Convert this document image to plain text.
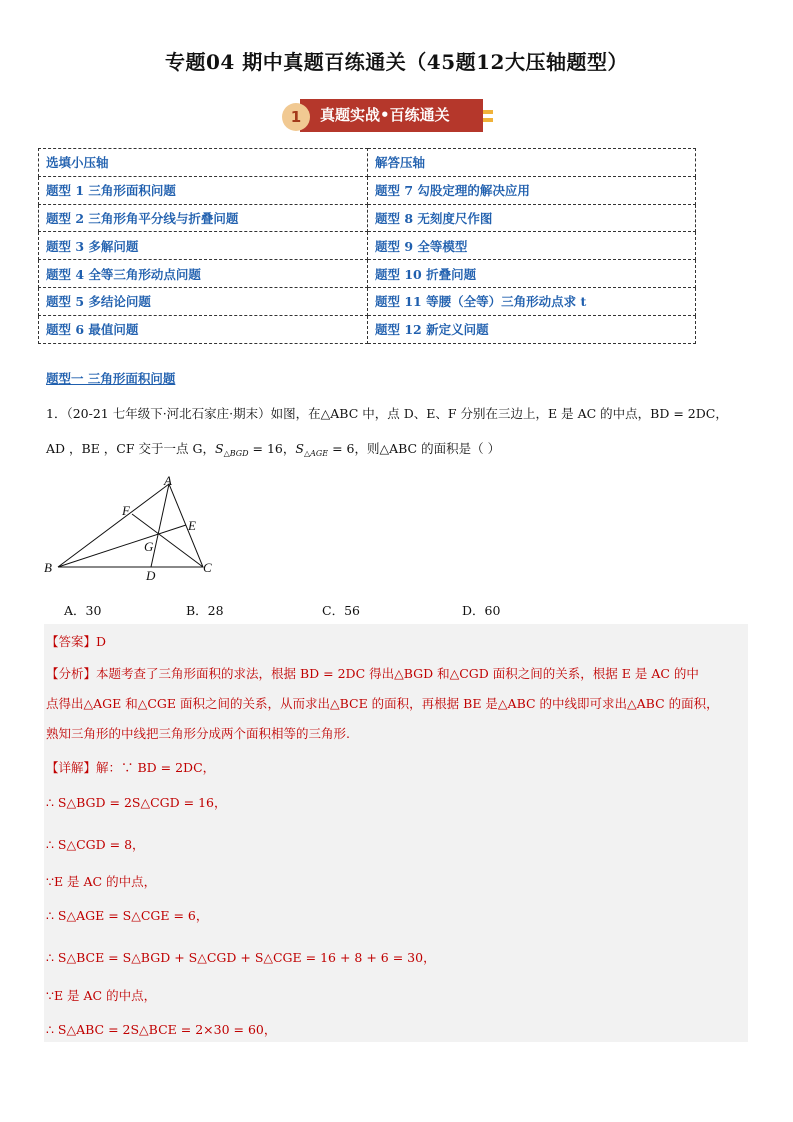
专题04 期中真题百练通关（45题12大压轴题型）
真题实战•百练通关
1
选填小压轴	解答压轴
题型 1 三角形面积问题	题型 7 勾股定理的解决应用
题型 2 三角形角平分线与折叠问题	题型 8 无刻度尺作图
题型 3 多解问题	题型 9 全等模型
题型 4 全等三角形动点问题	题型 10 折叠问题
题型 5 多结论问题	题型 11 等腰（全等）三角形动点求 t
题型 6 最值问题	题型 12 新定义问题
题型一 三角形面积问题
1．（20-21 七年级下·河北石家庄·期末）如图，在△ABC 中，点 D、E、F 分别在三边上，E 是 AC 的中点，BD = 2DC，
AD ，BE ，CF 交于一点 G，$S_{\triangle BGD} = 16$，$S_{\triangle AGE} = 6$，则△ABC 的面积是（ ）
A
B	C
D
E
F
G
A．30	B．28	C．56	D．60
【答案】D
【分析】本题考查了三角形面积的求法，根据 BD = 2DC 得出△BGD 和△CGD 面积之间的关系，根据 E 是 AC 的中
点得出△AGE 和△CGE 面积之间的关系，从而求出△BCE 的面积，再根据 BE 是△ABC 的中线即可求出△ABC 的面积，
熟知三角形的中线把三角形分成两个面积相等的三角形.
【详解】解：∵ BD = 2DC，
∴ S△BGD = 2S△CGD = 16，
∴ S△CGD = 8，
∵E 是 AC 的中点，
∴ S△AGE = S△CGE = 6，
∴ S△BCE = S△BGD + S△CGD + S△CGE = 16 + 8 + 6 = 30，
∵E 是 AC 的中点，
∴ S△ABC = 2S△BCE = 2×30 = 60，
